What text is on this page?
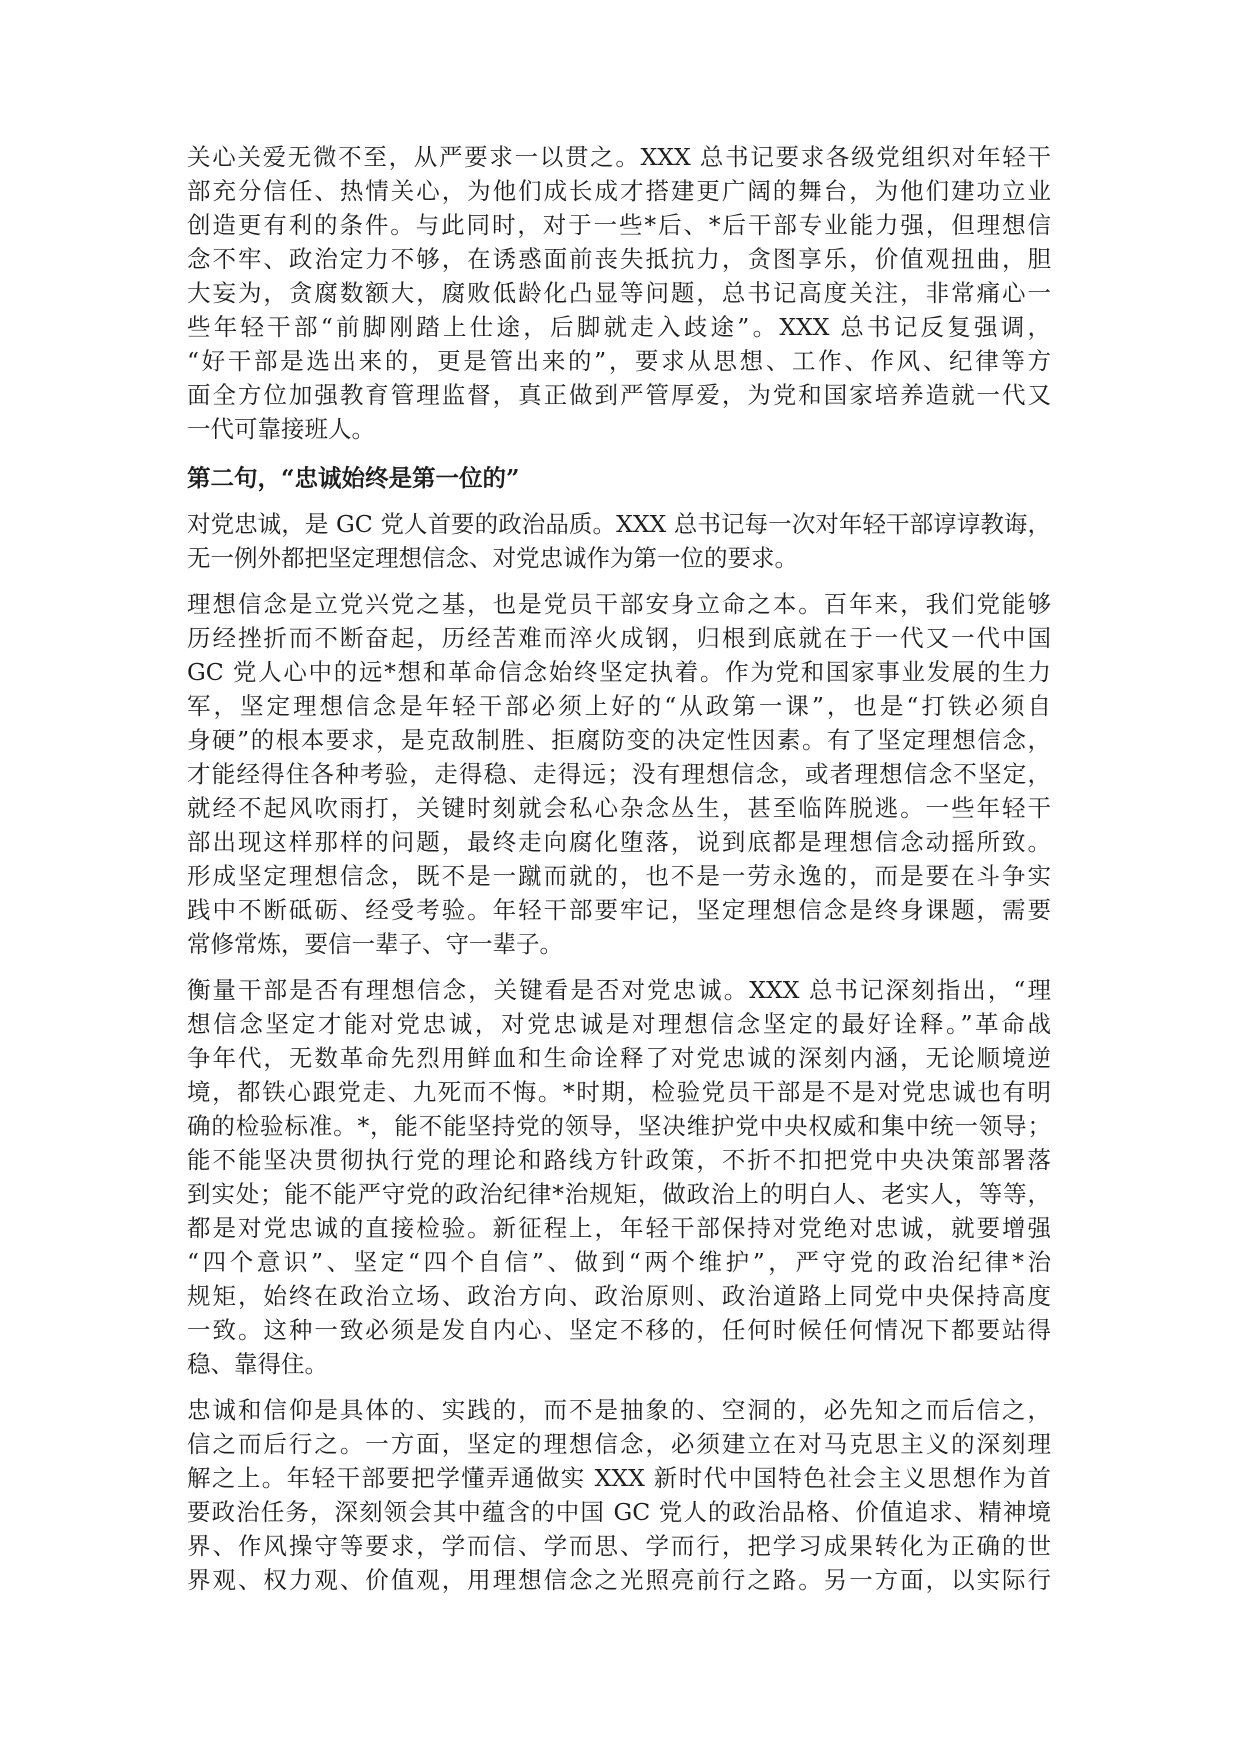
关心关爱无微不至，从严要求一以贯之。XXX 总书记要求各级党组织对年轻干
部充分信任、热情关心，为他们成长成才搭建更广阔的舞台，为他们建功立业
创造更有利的条件。与此同时，对于一些*后、*后干部专业能力强，但理想信
念不牢、政治定力不够，在诱惑面前丧失抵抗力，贪图享乐，价值观扭曲，胆
大妄为，贪腐数额大，腐败低龄化凸显等问题，总书记高度关注，非常痛心一
些年轻干部“前脚刚踏上仕途，后脚就走入歧途”。XXX 总书记反复强调，
“好干部是选出来的，更是管出来的”，要求从思想、工作、作风、纪律等方
面全方位加强教育管理监督，真正做到严管厚爱，为党和国家培养造就一代又
一代可靠接班人。
第二句，“忠诚始终是第一位的”
对党忠诚，是 GC 党人首要的政治品质。XXX 总书记每一次对年轻干部谆谆教诲，
无一例外都把坚定理想信念、对党忠诚作为第一位的要求。
理想信念是立党兴党之基，也是党员干部安身立命之本。百年来，我们党能够
历经挫折而不断奋起，历经苦难而淬火成钢，归根到底就在于一代又一代中国
GC 党人心中的远*想和革命信念始终坚定执着。作为党和国家事业发展的生力
军，坚定理想信念是年轻干部必须上好的“从政第一课”，也是“打铁必须自
身硬”的根本要求，是克敌制胜、拒腐防变的决定性因素。有了坚定理想信念，
才能经得住各种考验，走得稳、走得远；没有理想信念，或者理想信念不坚定，
就经不起风吹雨打，关键时刻就会私心杂念丛生，甚至临阵脱逃。一些年轻干
部出现这样那样的问题，最终走向腐化堕落，说到底都是理想信念动摇所致。
形成坚定理想信念，既不是一蹴而就的，也不是一劳永逸的，而是要在斗争实
践中不断砥砺、经受考验。年轻干部要牢记，坚定理想信念是终身课题，需要
常修常炼，要信一辈子、守一辈子。
衡量干部是否有理想信念，关键看是否对党忠诚。XXX 总书记深刻指出，“理
想信念坚定才能对党忠诚，对党忠诚是对理想信念坚定的最好诠释。”革命战
争年代，无数革命先烈用鲜血和生命诠释了对党忠诚的深刻内涵，无论顺境逆
境，都铁心跟党走、九死而不悔。*时期，检验党员干部是不是对党忠诚也有明
确的检验标准。*，能不能坚持党的领导，坚决维护党中央权威和集中统一领导；
能不能坚决贯彻执行党的理论和路线方针政策，不折不扣把党中央决策部署落
到实处；能不能严守党的政治纪律*治规矩，做政治上的明白人、老实人，等等，
都是对党忠诚的直接检验。新征程上，年轻干部保持对党绝对忠诚，就要增强
“四个意识”、坚定“四个自信”、做到“两个维护”，严守党的政治纪律*治
规矩，始终在政治立场、政治方向、政治原则、政治道路上同党中央保持高度
一致。这种一致必须是发自内心、坚定不移的，任何时候任何情况下都要站得
稳、靠得住。
忠诚和信仰是具体的、实践的，而不是抽象的、空洞的，必先知之而后信之，
信之而后行之。一方面，坚定的理想信念，必须建立在对马克思主义的深刻理
解之上。年轻干部要把学懂弄通做实 XXX 新时代中国特色社会主义思想作为首
要政治任务，深刻领会其中蕴含的中国 GC 党人的政治品格、价值追求、精神境
界、作风操守等要求，学而信、学而思、学而行，把学习成果转化为正确的世
界观、权力观、价值观，用理想信念之光照亮前行之路。另一方面，以实际行
